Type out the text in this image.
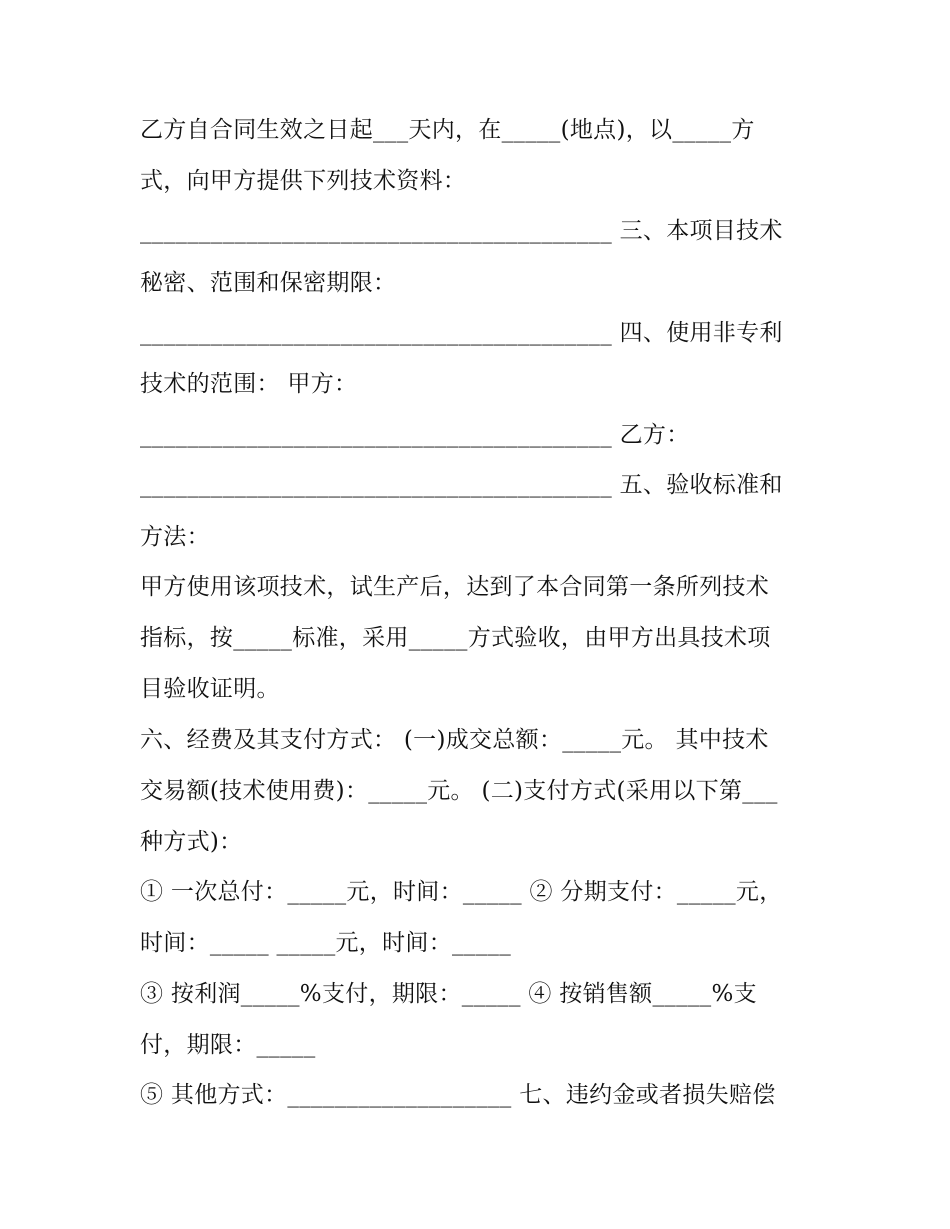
乙方自合同生效之日起___天内，在_____(地点)，以_____方
式，向甲方提供下列技术资料：
________________________________________ 三、本项目技术
秘密、范围和保密期限：
________________________________________ 四、使用非专利
技术的范围： 甲方：
________________________________________ 乙方：
________________________________________ 五、验收标准和
方法：
甲方使用该项技术，试生产后，达到了本合同第一条所列技术
指标，按_____标准，采用_____方式验收，由甲方出具技术项
目验收证明。
六、经费及其支付方式： (一)成交总额：_____元。 其中技术
交易额(技术使用费)：_____元。 (二)支付方式(采用以下第___
种方式)：
① 一次总付：_____元，时间：_____ ② 分期支付：_____元，
时间：_____ _____元，时间：_____
③ 按利润_____%支付，期限：_____ ④ 按销售额_____%支
付，期限：_____
⑤ 其他方式：___________________ 七、违约金或者损失赔偿
